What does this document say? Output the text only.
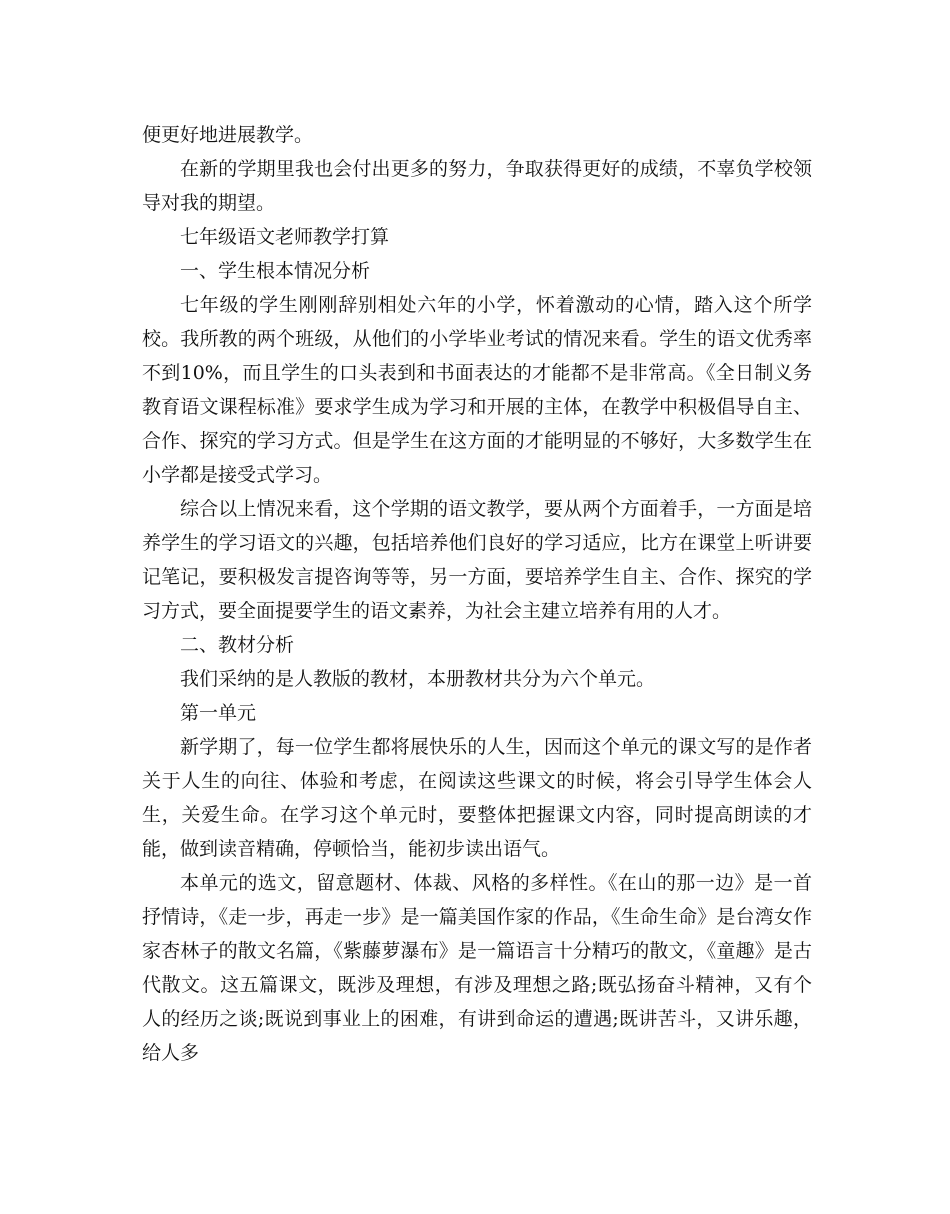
便更好地进展教学。

在新的学期里我也会付出更多的努力，争取获得更好的成绩，不辜负学校领导对我的期望。

七年级语文老师教学打算

一、学生根本情况分析

七年级的学生刚刚辞别相处六年的小学，怀着激动的心情，踏入这个所学校。我所教的两个班级，从他们的小学毕业考试的情况来看。学生的语文优秀率不到10%，而且学生的口头表到和书面表达的才能都不是非常高。《全日制义务教育语文课程标准》要求学生成为学习和开展的主体，在教学中积极倡导自主、合作、探究的学习方式。但是学生在这方面的才能明显的不够好，大多数学生在小学都是接受式学习。

综合以上情况来看，这个学期的语文教学，要从两个方面着手，一方面是培养学生的学习语文的兴趣，包括培养他们良好的学习适应，比方在课堂上听讲要记笔记，要积极发言提咨询等等，另一方面，要培养学生自主、合作、探究的学习方式，要全面提要学生的语文素养，为社会主建立培养有用的人才。

二、教材分析

我们采纳的是人教版的教材，本册教材共分为六个单元。

第一单元

新学期了，每一位学生都将展快乐的人生，因而这个单元的课文写的是作者关于人生的向往、体验和考虑，在阅读这些课文的时候，将会引导学生体会人生，关爱生命。在学习这个单元时，要整体把握课文内容，同时提高朗读的才能，做到读音精确，停顿恰当，能初步读出语气。

本单元的选文，留意题材、体裁、风格的多样性。《在山的那一边》是一首抒情诗，《走一步，再走一步》是一篇美国作家的作品，《生命生命》是台湾女作家杏林子的散文名篇，《紫藤萝瀑布》是一篇语言十分精巧的散文，《童趣》是古代散文。这五篇课文，既涉及理想，有涉及理想之路;既弘扬奋斗精神，又有个人的经历之谈;既说到事业上的困难，有讲到命运的遭遇;既讲苦斗，又讲乐趣，给人多
